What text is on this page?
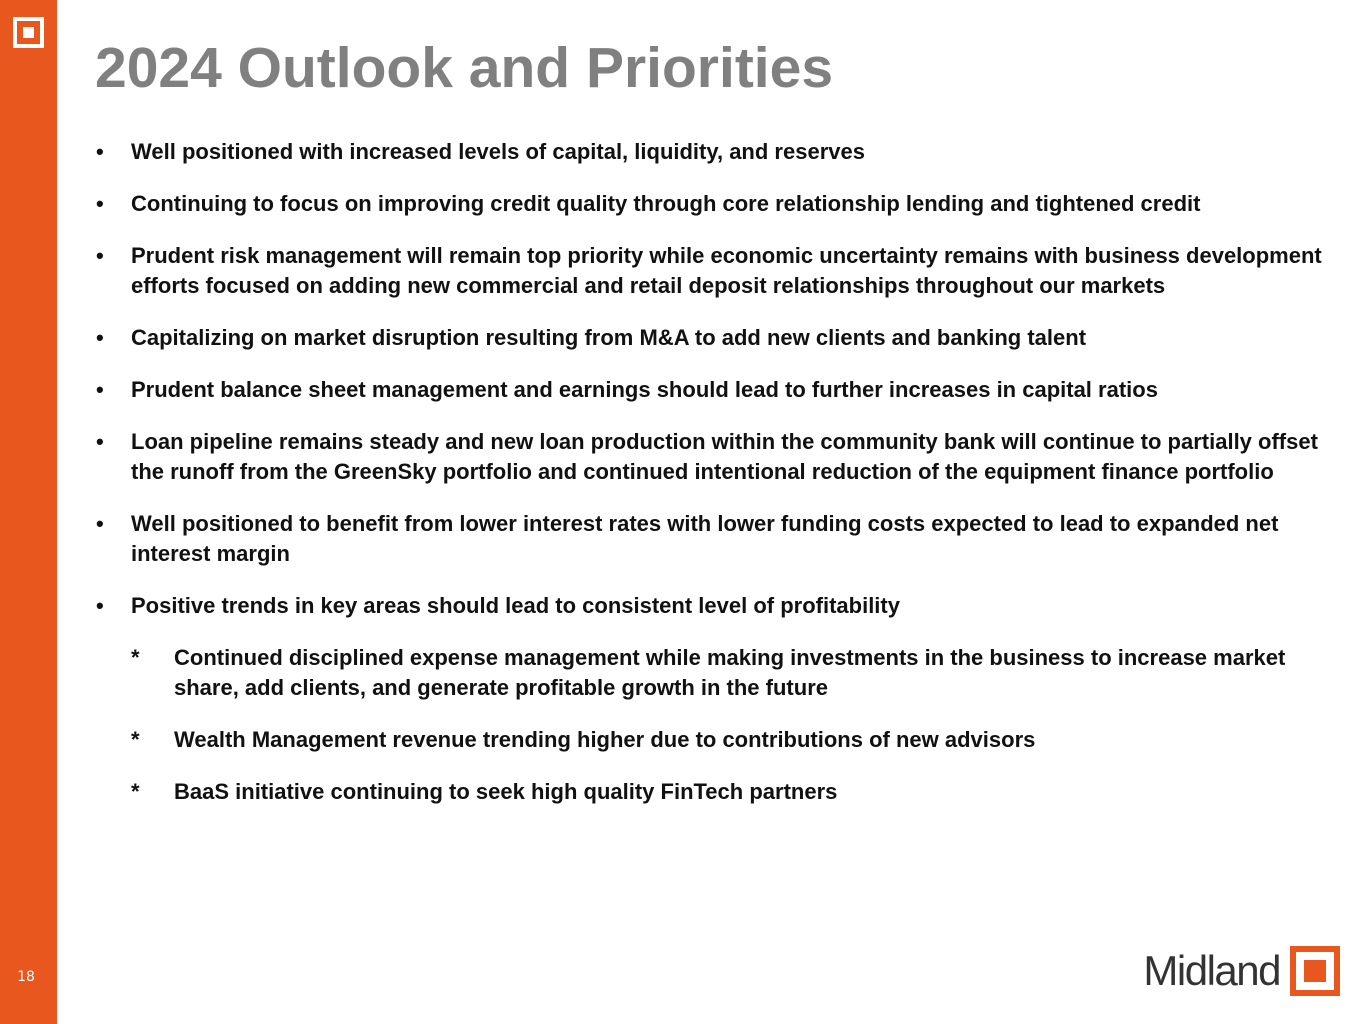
18
2024 Outlook and Priorities
• Well positioned with increased levels of capital, liquidity, and reserves
• Continuing to focus on improving credit quality through core relationship lending and tightened credit
• Prudent risk management will remain top priority while economic uncertainty remains with business development efforts focused on adding new commercial and retail deposit relationships throughout our markets
• Capitalizing on market disruption resulting from M&A to add new clients and banking talent
• Prudent balance sheet management and earnings should lead to further increases in capital ratios
• Loan pipeline remains steady and new loan production within the community bank will continue to partially offset the runoff from the GreenSky portfolio and continued intentional reduction of the equipment finance portfolio
• Well positioned to benefit from lower interest rates with lower funding costs expected to lead to expanded net interest margin
• Positive trends in key areas should lead to consistent level of profitability
* Continued disciplined expense management while making investments in the business to increase market share, add clients, and generate profitable growth in the future
* Wealth Management revenue trending higher due to contributions of new advisors
* BaaS initiative continuing to seek high quality FinTech partners
Midland
